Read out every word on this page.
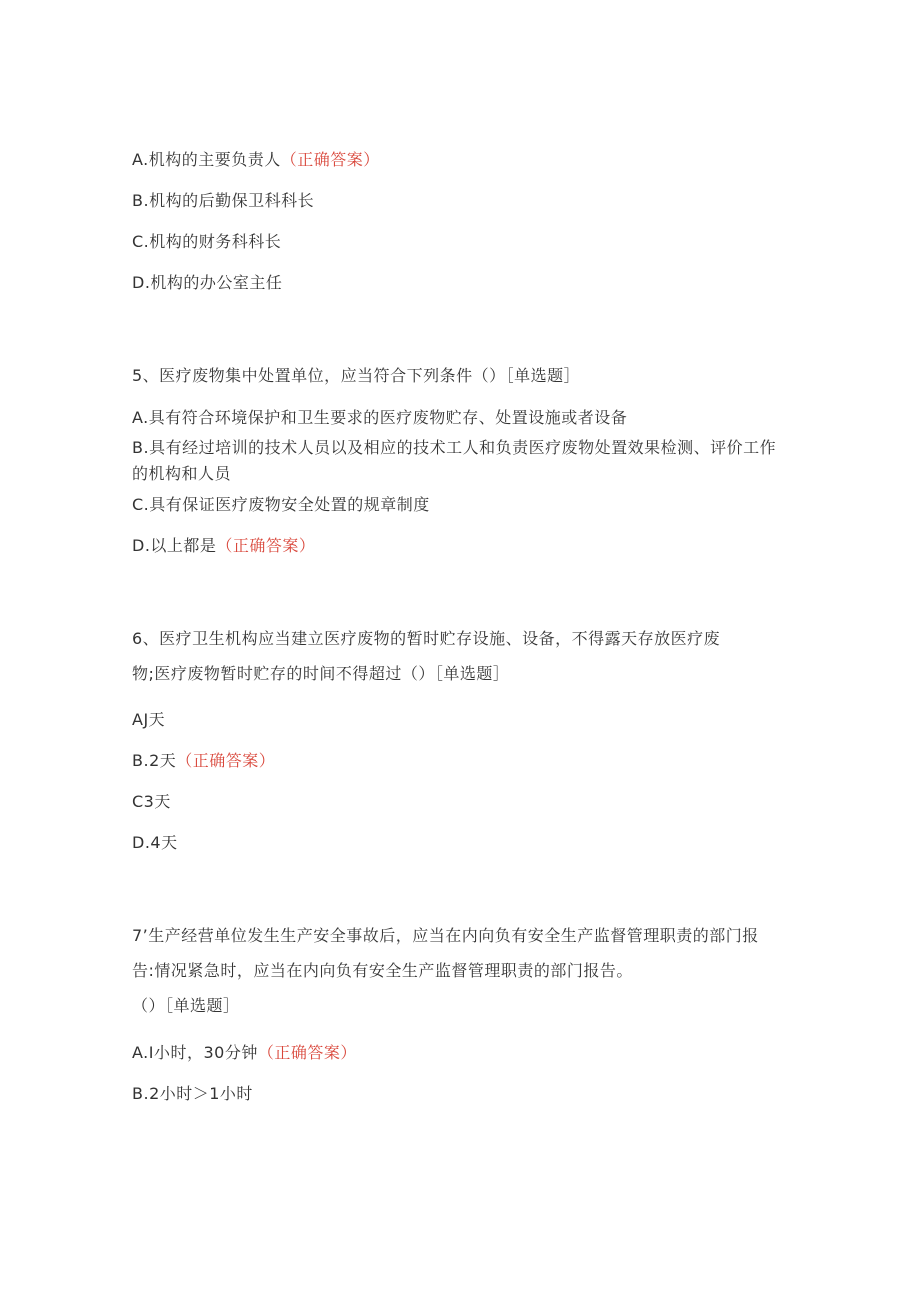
A.机构的主要负责人（正确答案）
B.机构的后勤保卫科科长
C.机构的财务科科长
D.机构的办公室主任
5、医疗废物集中处置单位，应当符合下列条件（）［单选题］
A.具有符合环境保护和卫生要求的医疗废物贮存、处置设施或者设备
B.具有经过培训的技术人员以及相应的技术工人和负责医疗废物处置效果检测、评价工作的机构和人员
C.具有保证医疗废物安全处置的规章制度
D.以上都是（正确答案）
6、医疗卫生机构应当建立医疗废物的暂时贮存设施、设备，不得露天存放医疗废
物;医疗废物暂时贮存的时间不得超过（）［单选题］
AJ天
B.2天（正确答案）
C3天
D.4天
7’生产经营单位发生生产安全事故后，应当在内向负有安全生产监督管理职责的部门报
告:情况紧急时，应当在内向负有安全生产监督管理职责的部门报告。
（）［单选题］
A.I小时，30分钟（正确答案）
B.2小时＞1小时
